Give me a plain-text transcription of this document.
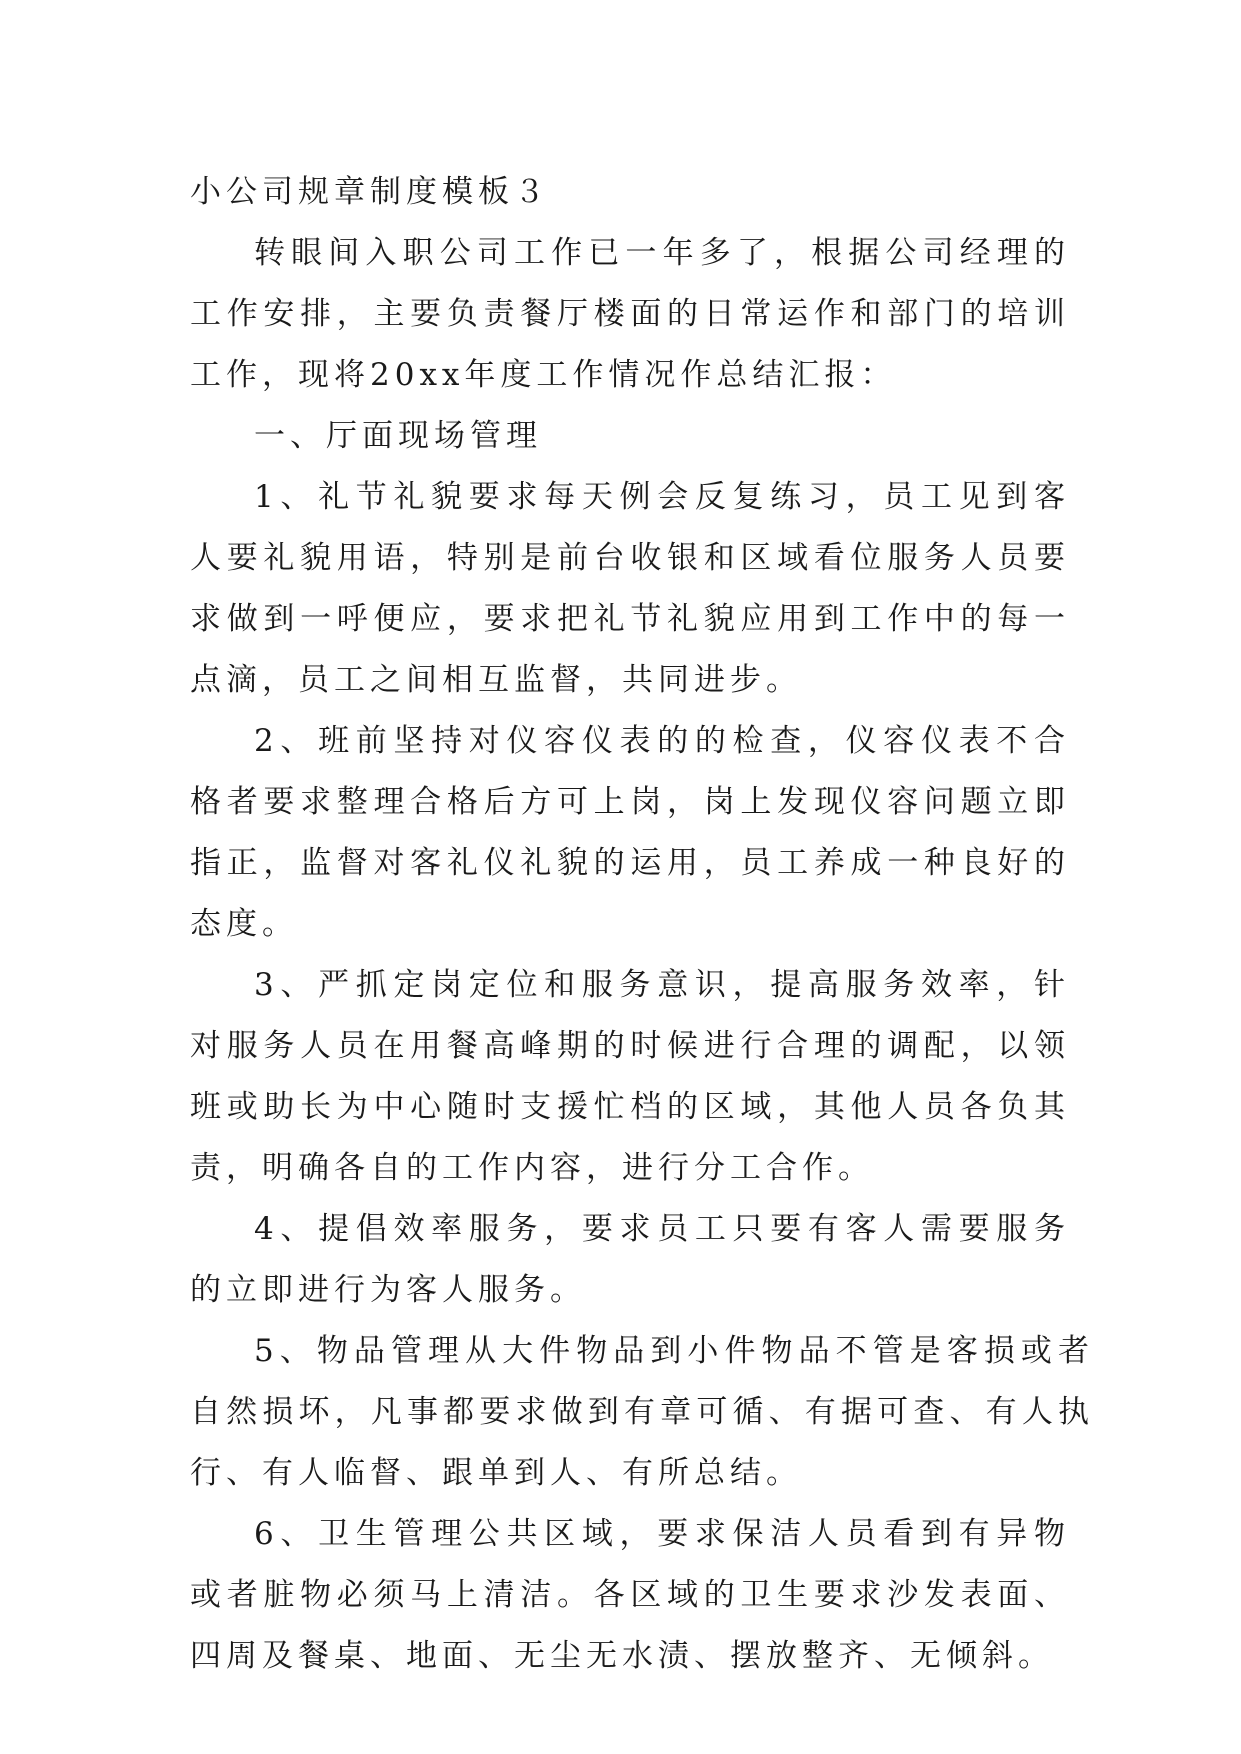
小公司规章制度模板３

转眼间入职公司工作已一年多了，根据公司经理的工作安排，主要负责餐厅楼面的日常运作和部门的培训工作，现将20xx年度工作情况作总结汇报：

一、厅面现场管理

1、礼节礼貌要求每天例会反复练习，员工见到客人要礼貌用语，特别是前台收银和区域看位服务人员要求做到一呼便应，要求把礼节礼貌应用到工作中的每一点滴，员工之间相互监督，共同进步。

2、班前坚持对仪容仪表的的检查，仪容仪表不合格者要求整理合格后方可上岗，岗上发现仪容问题立即指正，监督对客礼仪礼貌的运用，员工养成一种良好的态度。

3、严抓定岗定位和服务意识，提高服务效率，针对服务人员在用餐高峰期的时候进行合理的调配，以领班或助长为中心随时支援忙档的区域，其他人员各负其责，明确各自的工作内容，进行分工合作。

4、提倡效率服务，要求员工只要有客人需要服务的立即进行为客人服务。

5、物品管理从大件物品到小件物品不管是客损或者自然损坏，凡事都要求做到有章可循、有据可查、有人执行、有人临督、跟单到人、有所总结。

6、卫生管理公共区域，要求保洁人员看到有异物或者脏物必须马上清洁。各区域的卫生要求沙发表面、四周及餐桌、地面、无尘无水渍、摆放整齐、无倾斜。
